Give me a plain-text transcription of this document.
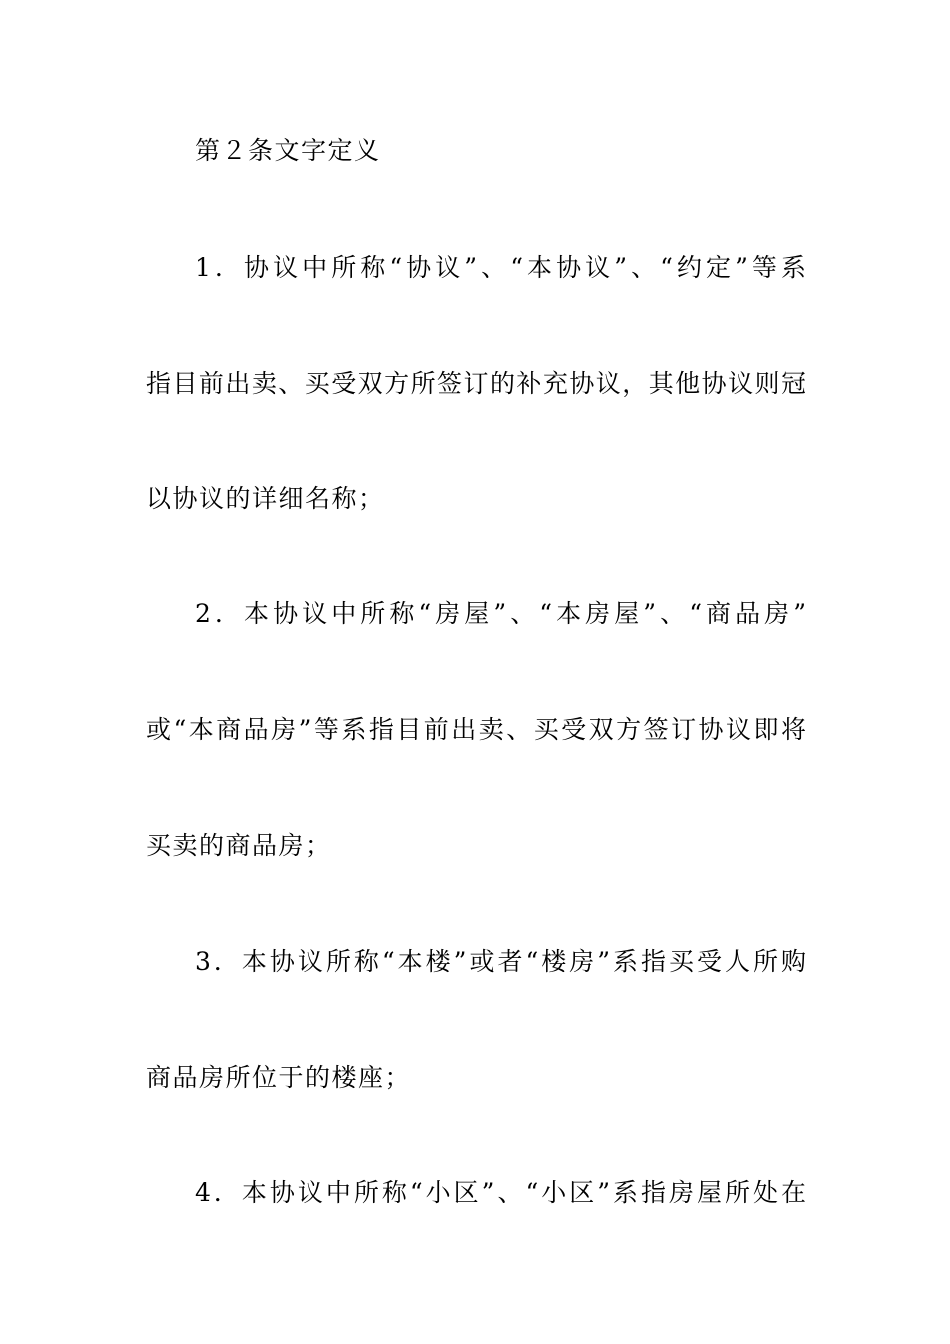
第２条文字定义
1．协议中所称“协议”、“本协议”、“约定”等系
指目前出卖、买受双方所签订的补充协议，其他协议则冠
以协议的详细名称；
2．本协议中所称“房屋”、“本房屋”、“商品房”
或“本商品房”等系指目前出卖、买受双方签订协议即将
买卖的商品房；
3．本协议所称“本楼”或者“楼房”系指买受人所购
商品房所位于的楼座；
4．本协议中所称“小区”、“小区”系指房屋所处在
